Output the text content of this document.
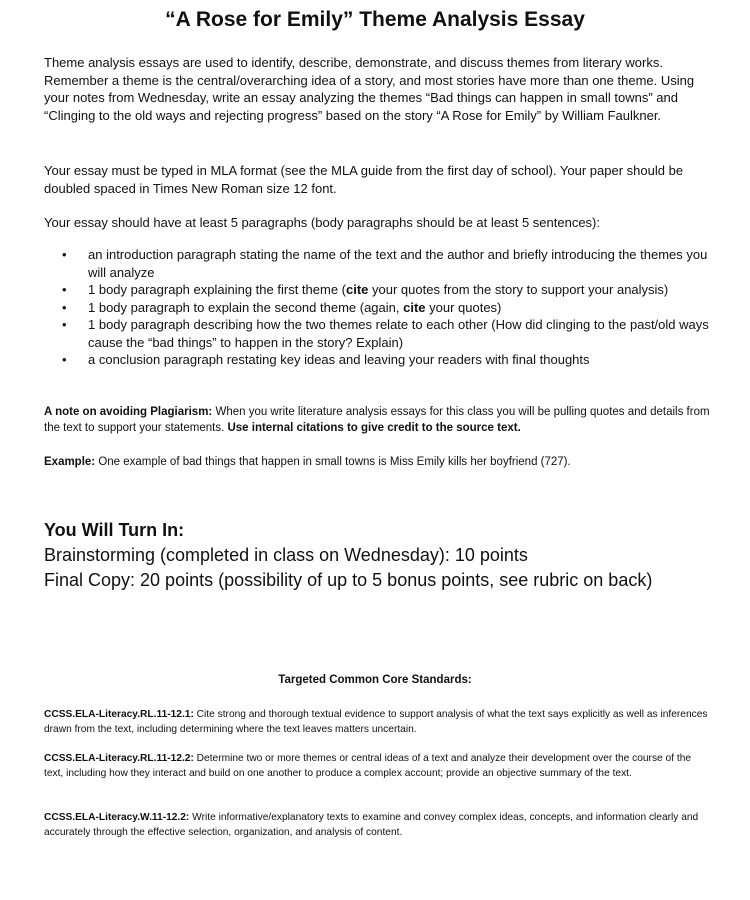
“A Rose for Emily” Theme Analysis Essay

Theme analysis essays are used to identify, describe, demonstrate, and discuss themes from literary works. Remember a theme is the central/overarching idea of a story, and most stories have more than one theme. Using your notes from Wednesday, write an essay analyzing the themes “Bad things can happen in small towns” and “Clinging to the old ways and rejecting progress” based on the story “A Rose for Emily” by William Faulkner.

Your essay must be typed in MLA format (see the MLA guide from the first day of school). Your paper should be doubled spaced in Times New Roman size 12 font.

Your essay should have at least 5 paragraphs (body paragraphs should be at least 5 sentences):

• an introduction paragraph stating the name of the text and the author and briefly introducing the themes you will analyze
• 1 body paragraph explaining the first theme (cite your quotes from the story to support your analysis)
• 1 body paragraph to explain the second theme (again, cite your quotes)
• 1 body paragraph describing how the two themes relate to each other (How did clinging to the past/old ways cause the “bad things” to happen in the story? Explain)
• a conclusion paragraph restating key ideas and leaving your readers with final thoughts

A note on avoiding Plagiarism: When you write literature analysis essays for this class you will be pulling quotes and details from the text to support your statements. Use internal citations to give credit to the source text.

Example: One example of bad things that happen in small towns is Miss Emily kills her boyfriend (727).

You Will Turn In:
Brainstorming (completed in class on Wednesday): 10 points
Final Copy: 20 points (possibility of up to 5 bonus points, see rubric on back)

Targeted Common Core Standards:

CCSS.ELA-Literacy.RL.11-12.1: Cite strong and thorough textual evidence to support analysis of what the text says explicitly as well as inferences drawn from the text, including determining where the text leaves matters uncertain.

CCSS.ELA-Literacy.RL.11-12.2: Determine two or more themes or central ideas of a text and analyze their development over the course of the text, including how they interact and build on one another to produce a complex account; provide an objective summary of the text.

CCSS.ELA-Literacy.W.11-12.2: Write informative/explanatory texts to examine and convey complex ideas, concepts, and information clearly and accurately through the effective selection, organization, and analysis of content.
